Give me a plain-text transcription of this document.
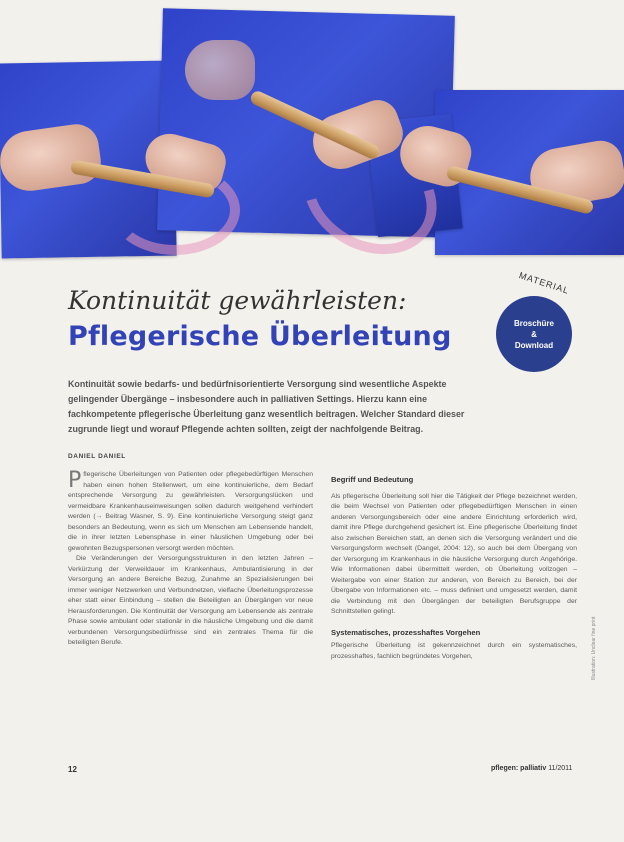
Kontinuität gewährleisten:
Pflegerische Überleitung
MATERIAL
Broschüre
&
Download
Kontinuität sowie bedarfs- und bedürfnisorientierte Versorgung sind wesentliche Aspekte gelingender Übergänge – insbesondere auch in palliativen Settings. Hierzu kann eine fachkompetente pflegerische Überleitung ganz wesentlich beitragen. Welcher Standard dieser zugrunde liegt und worauf Pflegende achten sollten, zeigt der nachfolgende Beitrag.
DANIEL DANIEL

Pflegerische Überleitungen von Patienten oder pflegebedürftigen Menschen haben einen hohen Stellenwert, um eine kontinuierliche, dem Bedarf entsprechende Versorgung zu gewährleisten. Versorgungslücken und vermeidbare Krankenhauseinweisungen sollen dadurch weitgehend verhindert werden (→ Beitrag Wasner, S. 9). Eine kontinuierliche Versorgung steigt ganz besonders an Bedeutung, wenn es sich um Menschen am Lebensende handelt, die in ihrer letzten Lebensphase in einer häuslichen Umgebung oder bei gewohnten Bezugspersonen versorgt werden möchten.

Die Veränderungen der Versorgungsstrukturen in den letzten Jahren – Verkürzung der Verweildauer im Krankenhaus, Ambulantisierung in der Versorgung an andere Bereiche Bezug, Zunahme an Spezialisierungen bei immer weniger Netzwerken und Verbundnetzen, vielfache Überleitungsprozesse eher statt einer Einbindung – stellen die Beteiligten an Übergängen vor neue Herausforderungen. Die Kontinuität der Versorgung am Lebensende als zentrale Phase sowie ambulant oder stationär in die häusliche Umgebung und die damit verbundenen Versorgungsbedürfnisse sind ein zentrales Thema für die beteiligten Berufe.

Begriff und Bedeutung

Als pflegerische Überleitung soll hier die Tätigkeit der Pflege bezeichnet werden, die beim Wechsel von Patienten oder pflegebedürftigen Menschen in einen anderen Versorgungsbereich oder eine andere Einrichtung erforderlich wird, damit ihre Pflege durchgehend gesichert ist. Eine pflegerische Überleitung findet also zwischen Bereichen statt, an denen sich die Versorgung verändert und die Versorgungsform wechselt (Dangel, 2004: 12), so auch bei dem Übergang von der Versorgung im Krankenhaus in die häusliche Versorgung durch Angehörige. Wie Informationen dabei übermittelt werden, ob Überleitung vollzogen – Weitergabe von einer Station zur anderen, von Bereich zu Bereich, bei der Übergabe von Informationen etc. – muss definiert und umgesetzt werden, damit die Verbindung mit den Übergängen der beteiligten Berufsgruppe der Schnittstellen gelingt.

Systematisches, prozesshaftes Vorgehen

Pflegerische Überleitung ist gekennzeichnet durch ein systematisches, prozesshaftes, fachlich begründetes Vorgehen,

12	pflegen: palliativ 11/2011
Illustration: Unclear fine print
